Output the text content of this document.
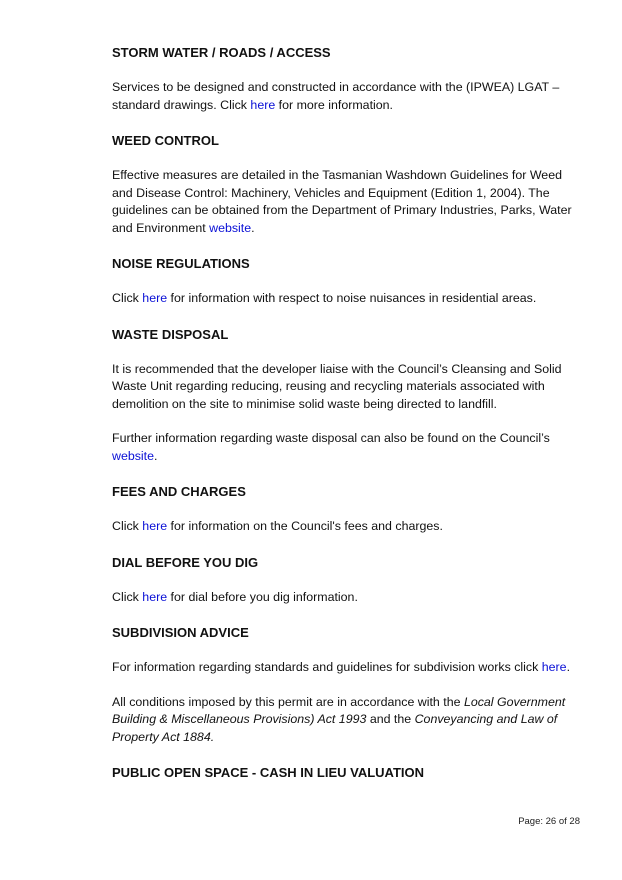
STORM WATER / ROADS / ACCESS

Services to be designed and constructed in accordance with the (IPWEA) LGAT – standard drawings. Click here for more information.

WEED CONTROL

Effective measures are detailed in the Tasmanian Washdown Guidelines for Weed and Disease Control: Machinery, Vehicles and Equipment (Edition 1, 2004). The guidelines can be obtained from the Department of Primary Industries, Parks, Water and Environment website.

NOISE REGULATIONS

Click here for information with respect to noise nuisances in residential areas.

WASTE DISPOSAL

It is recommended that the developer liaise with the Council’s Cleansing and Solid Waste Unit regarding reducing, reusing and recycling materials associated with demolition on the site to minimise solid waste being directed to landfill.

Further information regarding waste disposal can also be found on the Council’s website.

FEES AND CHARGES

Click here for information on the Council's fees and charges.

DIAL BEFORE YOU DIG

Click here for dial before you dig information.

SUBDIVISION ADVICE

For information regarding standards and guidelines for subdivision works click here.

All conditions imposed by this permit are in accordance with the Local Government Building & Miscellaneous Provisions) Act 1993 and the Conveyancing and Law of Property Act 1884.

PUBLIC OPEN SPACE - CASH IN LIEU VALUATION

Page: 26 of 28
